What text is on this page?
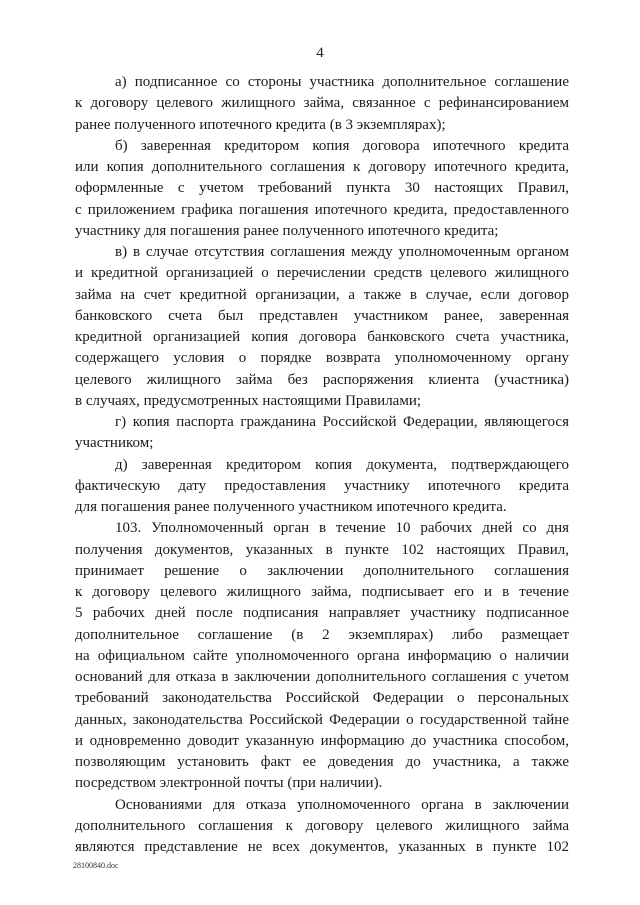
4
а) подписанное со стороны участника дополнительное соглашение
к договору целевого жилищного займа, связанное с рефинансированием
ранее полученного ипотечного кредита (в 3 экземплярах);
б) заверенная кредитором копия договора ипотечного кредита
или копия дополнительного соглашения к договору ипотечного кредита,
оформленные с учетом требований пункта 30 настоящих Правил,
с приложением графика погашения ипотечного кредита, предоставленного
участнику для погашения ранее полученного ипотечного кредита;
в) в случае отсутствия соглашения между уполномоченным органом
и кредитной организацией о перечислении средств целевого жилищного
займа на счет кредитной организации, а также в случае, если договор
банковского счета был представлен участником ранее, заверенная
кредитной организацией копия договора банковского счета участника,
содержащего условия о порядке возврата уполномоченному органу
целевого жилищного займа без распоряжения клиента (участника)
в случаях, предусмотренных настоящими Правилами;
г) копия паспорта гражданина Российской Федерации, являющегося
участником;
д) заверенная кредитором копия документа, подтверждающего
фактическую дату предоставления участнику ипотечного кредита
для погашения ранее полученного участником ипотечного кредита.
103. Уполномоченный орган в течение 10 рабочих дней со дня
получения документов, указанных в пункте 102 настоящих Правил,
принимает решение о заключении дополнительного соглашения
к договору целевого жилищного займа, подписывает его и в течение
5 рабочих дней после подписания направляет участнику подписанное
дополнительное соглашение (в 2 экземплярах) либо размещает
на официальном сайте уполномоченного органа информацию о наличии
оснований для отказа в заключении дополнительного соглашения с учетом
требований законодательства Российской Федерации о персональных
данных, законодательства Российской Федерации о государственной тайне
и одновременно доводит указанную информацию до участника способом,
позволяющим установить факт ее доведения до участника, а также
посредством электронной почты (при наличии).
Основаниями для отказа уполномоченного органа в заключении
дополнительного соглашения к договору целевого жилищного займа
являются представление не всех документов, указанных в пункте 102
28100840.doc
